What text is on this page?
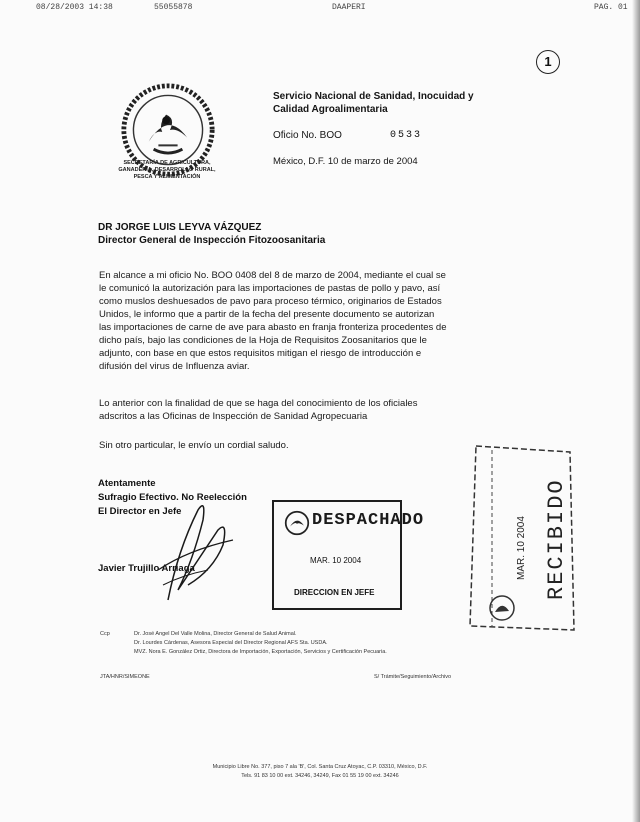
08/28/2003 14:38	55055878	DAAPERI	PAG. 01
1
SECRETARÍA DE AGRICULTURA,
GANADERÍA, DESARROLLO RURAL,
PESCA Y ALIMENTACIÓN
Servicio Nacional de Sanidad, Inocuidad y
Calidad Agroalimentaria
Oficio No. BOO	0533
México, D.F. 10 de marzo de 2004
DR JORGE LUIS LEYVA VÁZQUEZ
Director General de Inspección Fitozoosanitaria
En alcance a mi oficio No. BOO 0408 del 8 de marzo de 2004, mediante el cual se
le comunicó la autorización para las importaciones de pastas de pollo y pavo, así
como muslos deshuesados de pavo para proceso térmico, originarios de Estados
Unidos, le informo que a partir de la fecha del presente documento se autorizan
las importaciones de carne de ave para abasto en franja fronteriza procedentes de
dicho país, bajo las condiciones de la Hoja de Requisitos Zoosanitarios que le
adjunto, con base en que estos requisitos mitigan el riesgo de introducción e
difusión del virus de Influenza aviar.
Lo anterior con la finalidad de que se haga del conocimiento de los oficiales
adscritos a las Oficinas de Inspección de Sanidad Agropecuaria
Sin otro particular, le envío un cordial saludo.
Atentamente
Sufragio Efectivo. No Reelección
El Director en Jefe
Javier Trujillo Arriaga
DESPACHADO
MAR. 10 2004
DIRECCION EN JEFE	RECIBIDO
MAR. 10 2004
Ccp	Dr. José Angel Del Valle Molina, Director General de Salud Animal.
Dr. Lourdes Cárdenas, Asesora Especial del Director Regional AFS Sta. USDA.
MVZ. Nora E. González Ortiz, Directora de Importación, Exportación, Servicios y Certificación Pecuaria.
JTA/HNR/SIMEONE	S/ Trámite/Seguimiento/Archivo
Municipio Libre No. 377, piso 7 ala 'B', Col. Santa Cruz Atoyac, C.P. 03310, México, D.F.
Tels. 91 83 10 00 ext. 34246, 34249, Fax 01 55 19 00 ext. 34246
